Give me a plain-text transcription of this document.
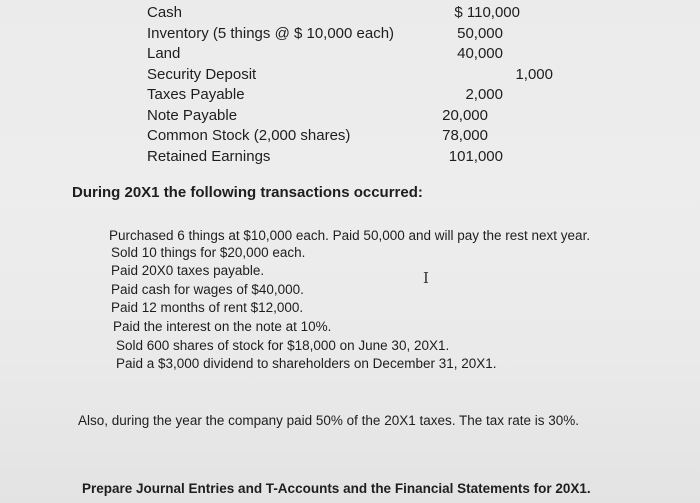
Cash
Inventory (5 things @ $ 10,000 each)
Land
Security Deposit
Taxes Payable
Note Payable
Common Stock (2,000 shares)
Retained Earnings
$ 110,000
50,000
40,000
1,000
2,000
20,000
78,000
101,000
During 20X1 the following transactions occurred:
Purchased 6 things at $10,000 each. Paid 50,000 and will pay the rest next year.
Sold 10 things for $20,000 each.
Paid 20X0 taxes payable.
Paid cash for wages of $40,000.
Paid 12 months of rent $12,000.
Paid the interest on the note at 10%.
Sold 600 shares of stock for $18,000 on June 30, 20X1.
Paid a $3,000 dividend to shareholders on December 31, 20X1.
I
Also, during the year the company paid 50% of the 20X1 taxes. The tax rate is 30%.
Prepare Journal Entries and T-Accounts and the Financial Statements for 20X1.
